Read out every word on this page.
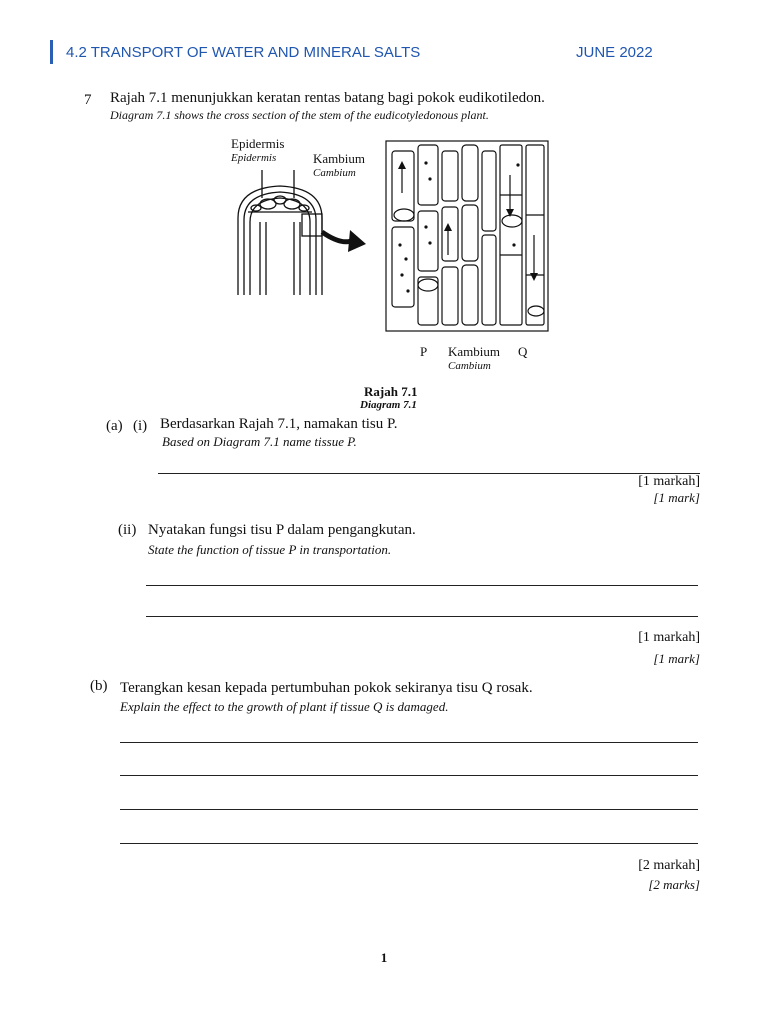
4.2 TRANSPORT OF WATER AND MINERAL SALTS	JUNE 2022
7 Rajah 7.1 menunjukkan keratan rentas batang bagi pokok eudikotiledon.
Diagram 7.1 shows the cross section of the stem of the eudicotyledonous plant.
Epidermis
Epidermis	Kambium
Cambium
P Kambium
Cambium
Q
Rajah 7.1
Diagram 7.1
(a) (i) Berdasarkan Rajah 7.1, namakan tisu P.
Based on Diagram 7.1 name tissue P.
[1 markah]
[1 mark]
(ii) Nyatakan fungsi tisu P dalam pengangkutan.
State the function of tissue P in transportation.
[1 markah]
[1 mark]
(b) Terangkan kesan kepada pertumbuhan pokok sekiranya tisu Q rosak.
Explain the effect to the growth of plant if tissue Q is damaged.
[2 markah]
[2 marks]
1
